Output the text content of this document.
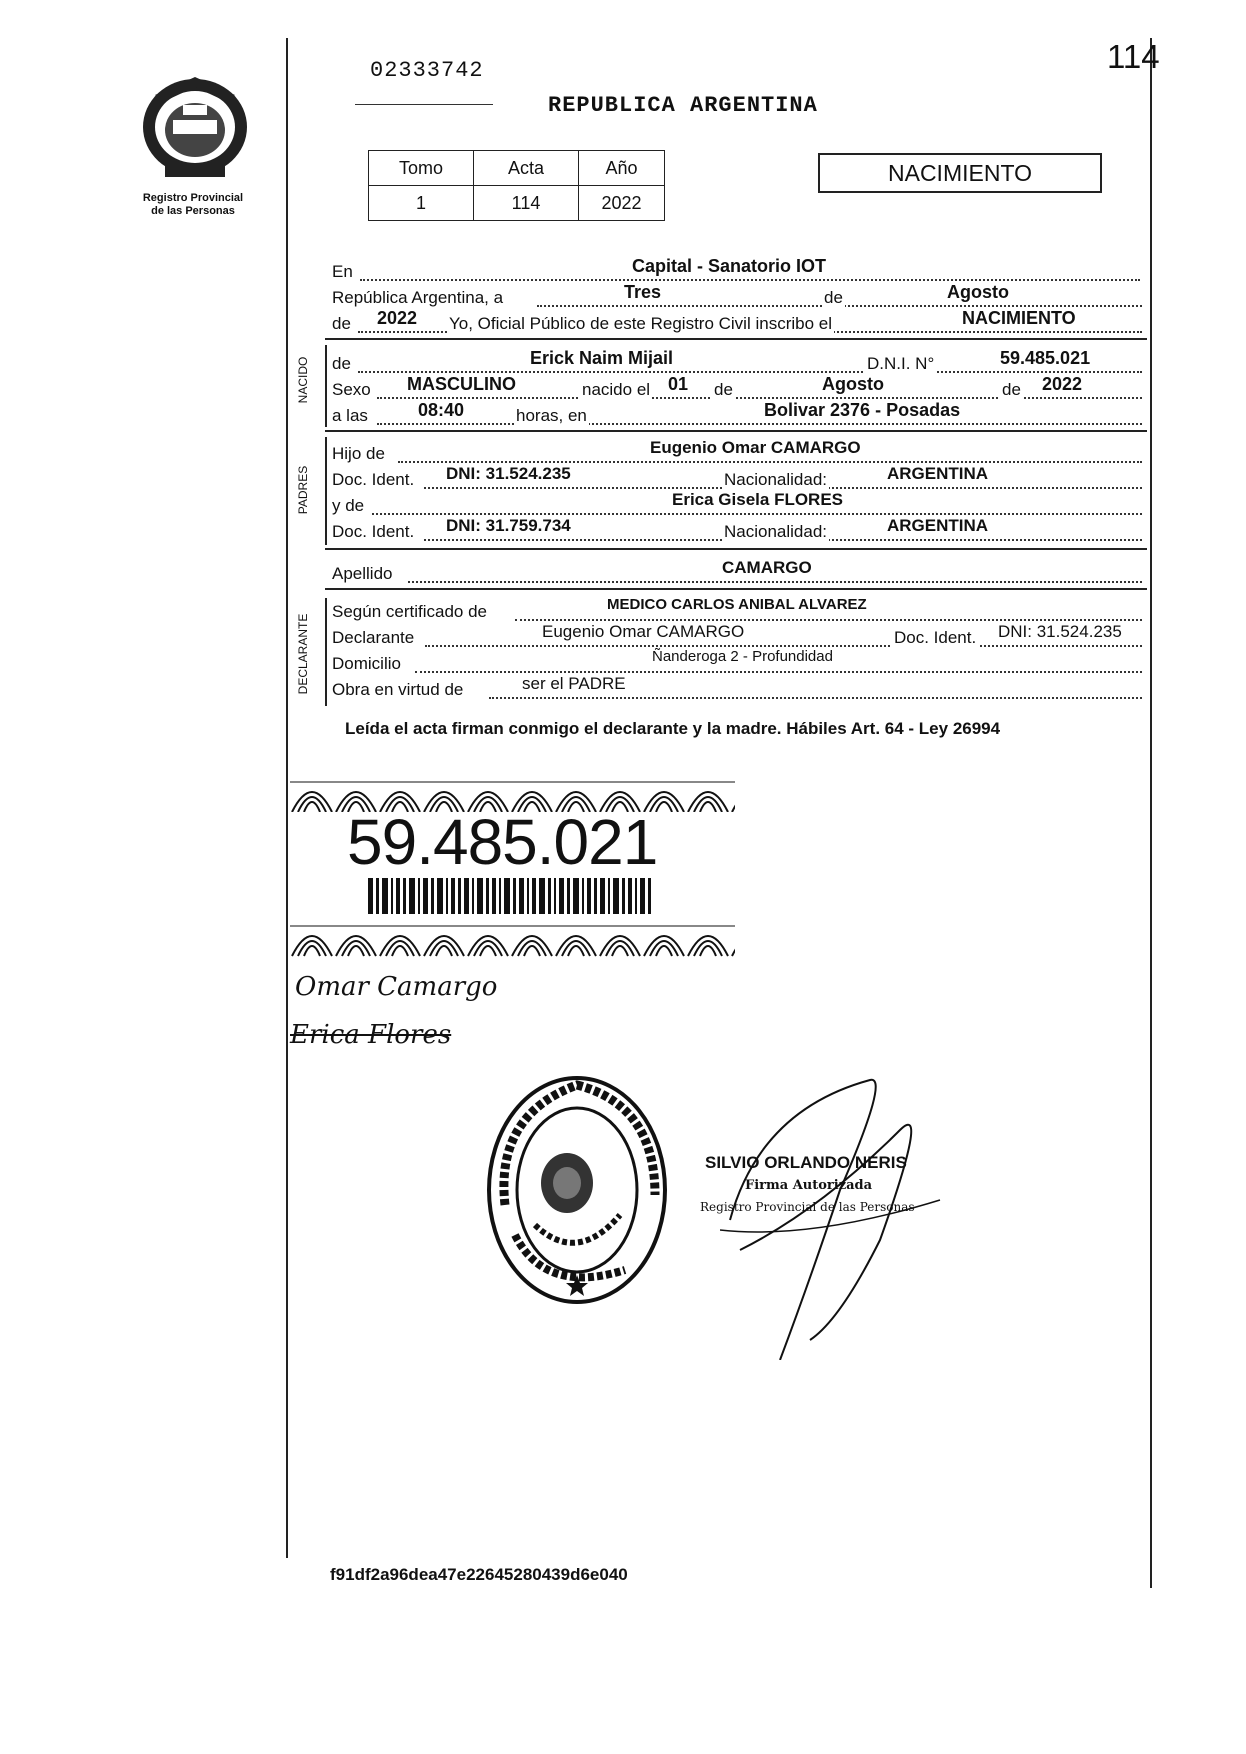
Registro Provincial
de las Personas
02333742	114
REPUBLICA ARGENTINA
Tomo	Acta	Año
1	114	2022
NACIMIENTO
En	Capital - Sanatorio IOT
República Argentina, a	Tres	de	Agosto
de 2022 Yo, Oficial Público de este Registro Civil inscribo el	NACIMIENTO
NACIDO de	Erick Naim Mijail	D.N.I. N°	59.485.021
Sexo MASCULINO	nacido el 01 de	Agosto	de 2022
a las	08:40	horas, en	Bolivar 2376 - Posadas
PADRES
Hijo de	Eugenio Omar CAMARGO
Doc. Ident. DNI: 31.524.235	Nacionalidad:	ARGENTINA
y de	Erica Gisela FLORES
Doc. Ident. DNI: 31.759.734	Nacionalidad:	ARGENTINA
Apellido	CAMARGO
DECLARANTE
Según certificado de	MEDICO CARLOS ANIBAL ALVAREZ
Declarante	Eugenio Omar CAMARGO	Doc. Ident. DNI: 31.524.235
Domicilio	Ñanderoga 2 - Profundidad
Obra en virtud de	ser el PADRE
Leída el acta firman conmigo el declarante y la madre. Hábiles Art. 64 - Ley 26994
59.485.021
Omar Camargo
Erica Flores
SILVIO ORLANDO NERIS
Firma Autorizada
Registro Provincial de las Personas
f91df2a96dea47e22645280439d6e040
